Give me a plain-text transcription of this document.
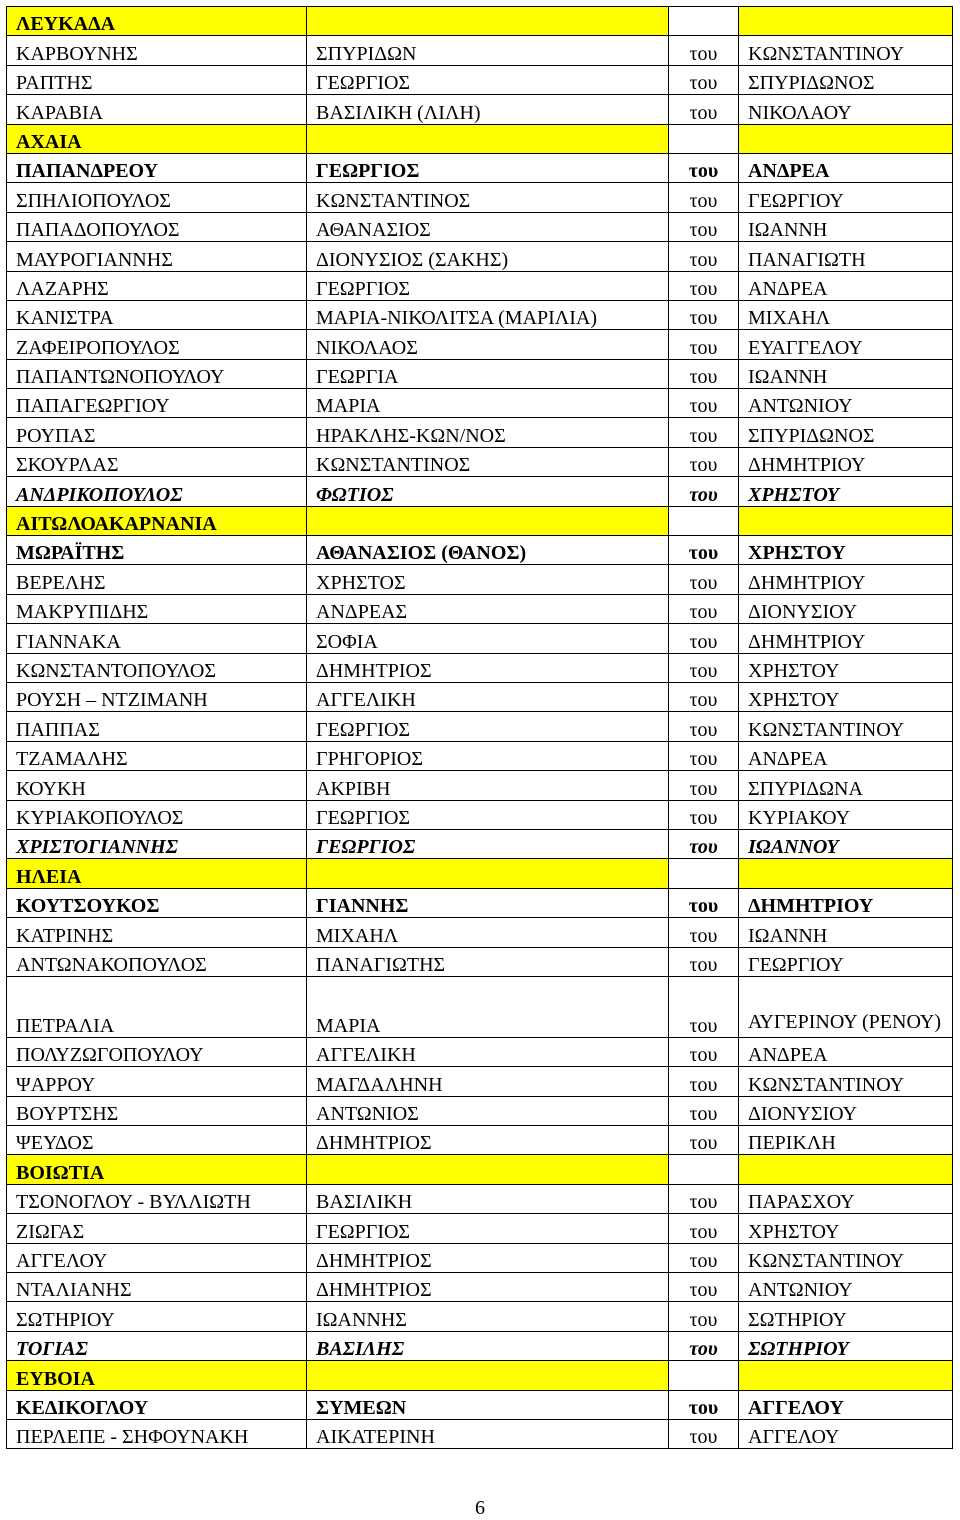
ΛΕΥΚΑΔΑ			
ΚΑΡΒΟΥΝΗΣ	ΣΠΥΡΙΔΩΝ	του	ΚΩΝΣΤΑΝΤΙΝΟΥ
ΡΑΠΤΗΣ	ΓΕΩΡΓΙΟΣ	του	ΣΠΥΡΙΔΩΝΟΣ
ΚΑΡΑΒΙΑ	ΒΑΣΙΛΙΚΗ (ΛΙΛΗ)	του	ΝΙΚΟΛΑΟΥ
ΑΧΑΙΑ			
ΠΑΠΑΝΔΡΕΟΥ	ΓΕΩΡΓΙΟΣ	του	ΑΝΔΡΕΑ
ΣΠΗΛΙΟΠΟΥΛΟΣ	ΚΩΝΣΤΑΝΤΙΝΟΣ	του	ΓΕΩΡΓΙΟΥ
ΠΑΠΑΔΟΠΟΥΛΟΣ	ΑΘΑΝΑΣΙΟΣ	του	ΙΩΑΝΝΗ
ΜΑΥΡΟΓΙΑΝΝΗΣ	ΔΙΟΝΥΣΙΟΣ (ΣΑΚΗΣ)	του	ΠΑΝΑΓΙΩΤΗ
ΛΑΖΑΡΗΣ	ΓΕΩΡΓΙΟΣ	του	ΑΝΔΡΕΑ
ΚΑΝΙΣΤΡΑ	ΜΑΡΙΑ-ΝΙΚΟΛΙΤΣΑ (ΜΑΡΙΛΙΑ)	του	ΜΙΧΑΗΛ
ΖΑΦΕΙΡΟΠΟΥΛΟΣ	ΝΙΚΟΛΑΟΣ	του	ΕΥΑΓΓΕΛΟΥ
ΠΑΠΑΝΤΩΝΟΠΟΥΛΟΥ	ΓΕΩΡΓΙΑ	του	ΙΩΑΝΝΗ
ΠΑΠΑΓΕΩΡΓΙΟΥ	ΜΑΡΙΑ	του	ΑΝΤΩΝΙΟΥ
ΡΟΥΠΑΣ	ΗΡΑΚΛΗΣ-ΚΩΝ/ΝΟΣ	του	ΣΠΥΡΙΔΩΝΟΣ
ΣΚΟΥΡΛΑΣ	ΚΩΝΣΤΑΝΤΙΝΟΣ	του	ΔΗΜΗΤΡΙΟΥ
ΑΝΔΡΙΚΟΠΟΥΛΟΣ	ΦΩΤΙΟΣ	του	ΧΡΗΣΤΟΥ
ΑΙΤΩΛΟΑΚΑΡΝΑΝΙΑ			
ΜΩΡΑΪΤΗΣ	ΑΘΑΝΑΣΙΟΣ (ΘΑΝΟΣ)	του	ΧΡΗΣΤΟΥ
ΒΕΡΕΛΗΣ	ΧΡΗΣΤΟΣ	του	ΔΗΜΗΤΡΙΟΥ
ΜΑΚΡΥΠΙΔΗΣ	ΑΝΔΡΕΑΣ	του	ΔΙΟΝΥΣΙΟΥ
ΓΙΑΝΝΑΚΑ	ΣΟΦΙΑ	του	ΔΗΜΗΤΡΙΟΥ
ΚΩΝΣΤΑΝΤΟΠΟΥΛΟΣ	ΔΗΜΗΤΡΙΟΣ	του	ΧΡΗΣΤΟΥ
ΡΟΥΣΗ – ΝΤΖΙΜΑΝΗ	ΑΓΓΕΛΙΚΗ	του	ΧΡΗΣΤΟΥ
ΠΑΠΠΑΣ	ΓΕΩΡΓΙΟΣ	του	ΚΩΝΣΤΑΝΤΙΝΟΥ
ΤΖΑΜΑΛΗΣ	ΓΡΗΓΟΡΙΟΣ	του	ΑΝΔΡΕΑ
ΚΟΥΚΗ	ΑΚΡΙΒΗ	του	ΣΠΥΡΙΔΩΝΑ
ΚΥΡΙΑΚΟΠΟΥΛΟΣ	ΓΕΩΡΓΙΟΣ	του	ΚΥΡΙΑΚΟΥ
ΧΡΙΣΤΟΓΙΑΝΝΗΣ	ΓΕΩΡΓΙΟΣ	του	ΙΩΑΝΝΟΥ
ΗΛΕΙΑ			
ΚΟΥΤΣΟΥΚΟΣ	ΓΙΑΝΝΗΣ	του	ΔΗΜΗΤΡΙΟΥ
ΚΑΤΡΙΝΗΣ	ΜΙΧΑΗΛ	του	ΙΩΑΝΝΗ
ΑΝΤΩΝΑΚΟΠΟΥΛΟΣ	ΠΑΝΑΓΙΩΤΗΣ	του	ΓΕΩΡΓΙΟΥ
ΠΕΤΡΑΛΙΑ	ΜΑΡΙΑ	του	ΑΥΓΕΡΙΝΟΥ (ΡΕΝΟΥ)
ΠΟΛΥΖΩΓΟΠΟΥΛΟΥ	ΑΓΓΕΛΙΚΗ	του	ΑΝΔΡΕΑ
ΨΑΡΡΟΥ	ΜΑΓΔΑΛΗΝΗ	του	ΚΩΝΣΤΑΝΤΙΝΟΥ
ΒΟΥΡΤΣΗΣ	ΑΝΤΩΝΙΟΣ	του	ΔΙΟΝΥΣΙΟΥ
ΨΕΥΔΟΣ	ΔΗΜΗΤΡΙΟΣ	του	ΠΕΡΙΚΛΗ
ΒΟΙΩΤΙΑ			
ΤΣΟΝΟΓΛΟΥ - ΒΥΛΛΙΩΤΗ	ΒΑΣΙΛΙΚΗ	του	ΠΑΡΑΣΧΟΥ
ΖΙΩΓΑΣ	ΓΕΩΡΓΙΟΣ	του	ΧΡΗΣΤΟΥ
ΑΓΓΕΛΟΥ	ΔΗΜΗΤΡΙΟΣ	του	ΚΩΝΣΤΑΝΤΙΝΟΥ
ΝΤΑΛΙΑΝΗΣ	ΔΗΜΗΤΡΙΟΣ	του	ΑΝΤΩΝΙΟΥ
ΣΩΤΗΡΙΟΥ	ΙΩΑΝΝΗΣ	του	ΣΩΤΗΡΙΟΥ
ΤΟΓΙΑΣ	ΒΑΣΙΛΗΣ	του	ΣΩΤΗΡΙΟΥ
ΕΥΒΟΙΑ			
ΚΕΔΙΚΟΓΛΟΥ	ΣΥΜΕΩΝ	του	ΑΓΓΕΛΟΥ
ΠΕΡΛΕΠΕ - ΣΗΦΟΥΝΑΚΗ	ΑΙΚΑΤΕΡΙΝΗ	του	ΑΓΓΕΛΟΥ
6
